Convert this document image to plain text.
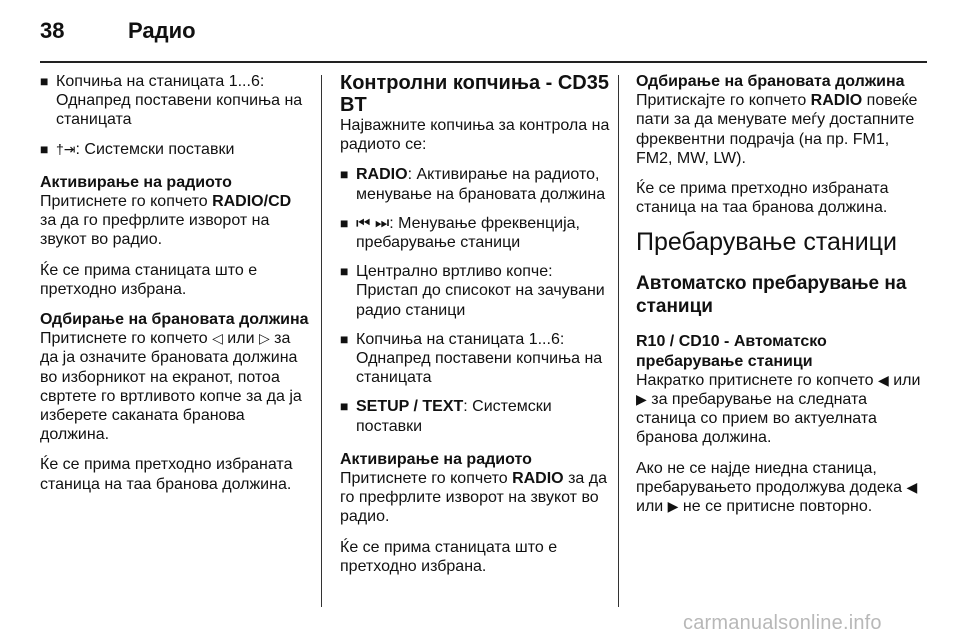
38	Радио
■ Копчиња на станицата 1...6: Однапред поставени копчиња на станицата
■ †⇥: Системски поставки
Активирање на радиото

Притиснете го копчето RADIO/CD за да го префрлите изворот на звукот во радио.

Ќе се прима станицата што е претходно избрана.

Одбирање на брановата должина

Притиснете го копчето ◁ или ▷ за да ја означите брановата должина во изборникот на екранот, потоа свртете го вртливото копче за да ја изберете саканата бранова должина.

Ќе се прима претходно избраната станица на таа бранова должина.

Контролни копчиња - CD35 BT

Најважните копчиња за контрола на радиото се:

■ RADIO: Активирање на радиото, менување на брановата должина
■ ⏮ ⏭: Менување фреквенција, пребарување станици
■ Централно вртливо копче: Пристап до списокот на зачувани радио станици
■ Копчиња на станицата 1...6: Однапред поставени копчиња на станицата
■ SETUP / TEXT: Системски поставки
Активирање на радиото

Притиснете го копчето RADIO за да го префрлите изворот на звукот во радио.

Ќе се прима станицата што е претходно избрана.

Одбирање на брановата должина

Притискајте го копчето RADIO повеќе пати за да менувате меѓу достапните фреквентни подрачја (на пр. FM1, FM2, MW, LW).

Ќе се прима претходно избраната станица на таа бранова должина.

Пребарување станици
Автоматско пребарување на станици
R10 / CD10 - Автоматско пребарување станици

Накратко притиснете го копчето ◀ или ▶ за пребарување на следната станица со прием во актуелната бранова должина.

Ако не се најде ниедна станица, пребарувањето продолжува додека ◀ или ▶ не се притисне повторно.

carmanualsonline.info
